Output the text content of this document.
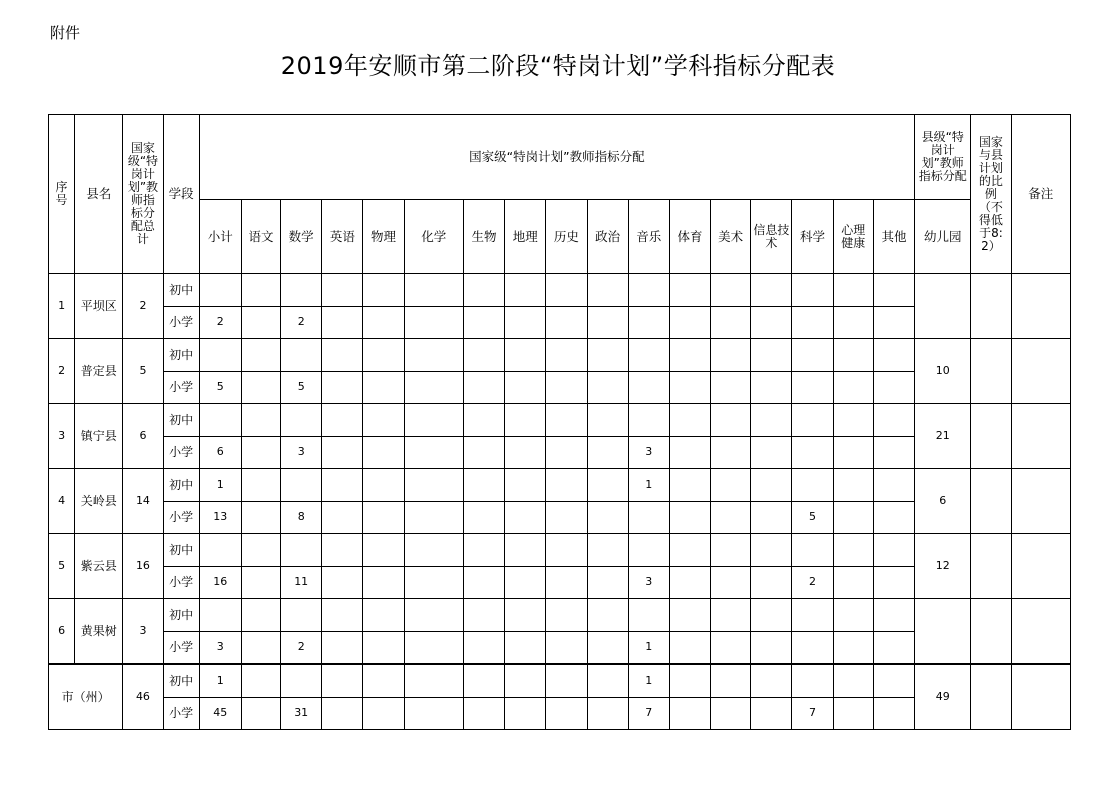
附件
2019年安顺市第二阶段“特岗计划”学科指标分配表
序号	县名	国家级“特岗计划”教师指标分配总计	学段	国家级“特岗计划”教师指标分配																	县级“特岗计划”教师指标分配	国家与县计划的比例（不得低于8:2）	备注
				小计	语文	数学	英语	物理	化学	生物	地理	历史	政治	音乐	体育	美术	信息技术	科学	心理健康	其他	幼儿园		
1	平坝区	2	初中																				
			小学	2		2																	
2	普定县	5	初中																		10		
			小学	5		5																	
3	镇宁县	6	初中																		21		
			小学	6		3								3									
4	关岭县	14	初中	1										1							6		
			小学	13		8												5					
5	紫云县	16	初中																		12		
			小学	16		11								3				2					
6	黄果树	3	初中																				
			小学	3		2								1									
市（州）		46	初中	1										1							49		
			小学	45		31								7				7					
